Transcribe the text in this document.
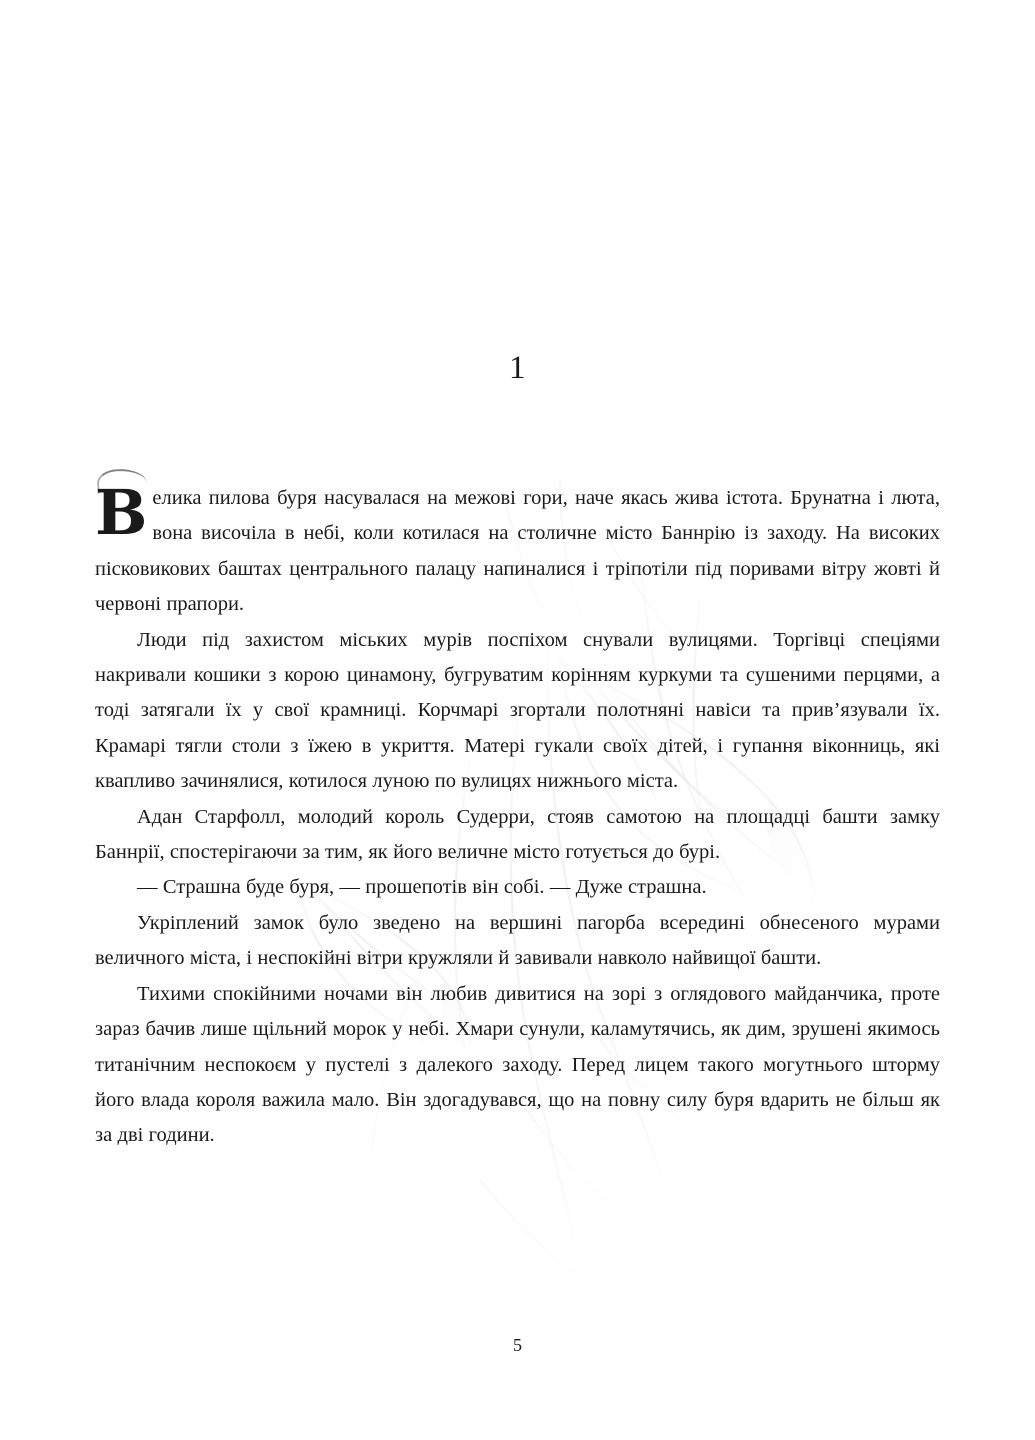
1

Велика пилова буря насувалася на межові гори, наче якась жива істота. Брунатна і люта, вона височіла в небі, коли котилася на столичне місто Баннрію із заходу. На високих пісковикових баштах центрального палацу напиналися і тріпотіли під поривами вітру жовті й червоні прапори.

Люди під захистом міських мурів поспіхом снували вулицями. Торгівці спеціями накривали кошики з корою цинамону, бугруватим корінням куркуми та сушеними перцями, а тоді затягали їх у свої крамниці. Корчмарі згортали полотняні навіси та прив’язували їх. Крамарі тягли столи з їжею в укриття. Матері гукали своїх дітей, і гупання віконниць, які квапливо зачинялися, котилося луною по вулицях нижнього міста.

Адан Старфолл, молодий король Судерри, стояв самотою на площадці башти замку Баннрії, спостерігаючи за тим, як його величне місто готується до бурі.

— Страшна буде буря, — прошепотів він собі. — Дуже страшна.

Укріплений замок було зведено на вершині пагорба всередині обнесеного мурами величного міста, і неспокійні вітри кружляли й завивали навколо найвищої башти.

Тихими спокійними ночами він любив дивитися на зорі з оглядового майданчика, проте зараз бачив лише щільний морок у небі. Хмари сунули, каламутячись, як дим, зрушені якимось титанічним неспокоєм у пустелі з далекого заходу. Перед лицем такого могутнього шторму його влада короля важила мало. Він здогадувався, що на повну силу буря вдарить не більш як за дві години.

5
